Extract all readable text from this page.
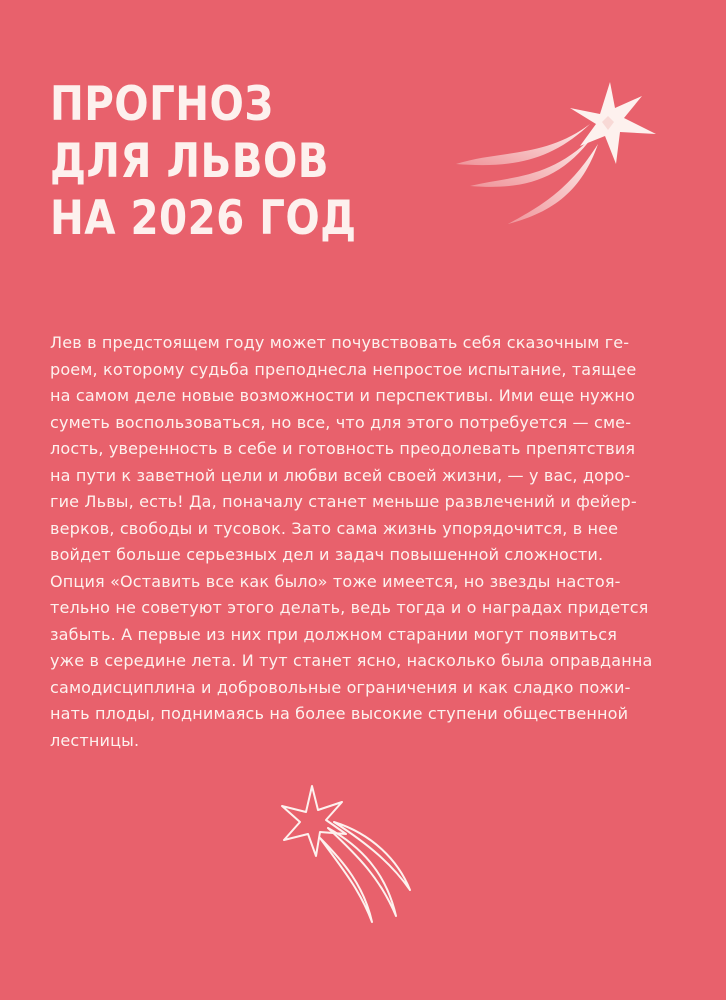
ПРОГНОЗ
ДЛЯ ЛЬВОВ
НА 2026 ГОД
Лев в предстоящем году может почувствовать себя сказочным ге-
роем, которому судьба преподнесла непростое испытание, таящее
на самом деле новые возможности и перспективы. Ими еще нужно
суметь воспользоваться, но все, что для этого потребуется — сме-
лость, уверенность в себе и готовность преодолевать препятствия
на пути к заветной цели и любви всей своей жизни, — у вас, доро-
гие Львы, есть! Да, поначалу станет меньше развлечений и фейер-
верков, свободы и тусовок. Зато сама жизнь упорядочится, в нее
войдет больше серьезных дел и задач повышенной сложности.
Опция «Оставить все как было» тоже имеется, но звезды настоя-
тельно не советуют этого делать, ведь тогда и о наградах придется
забыть. А первые из них при должном старании могут появиться
уже в середине лета. И тут станет ясно, насколько была оправданна
самодисциплина и добровольные ограничения и как сладко пожи-
нать плоды, поднимаясь на более высокие ступени общественной
лестницы.
